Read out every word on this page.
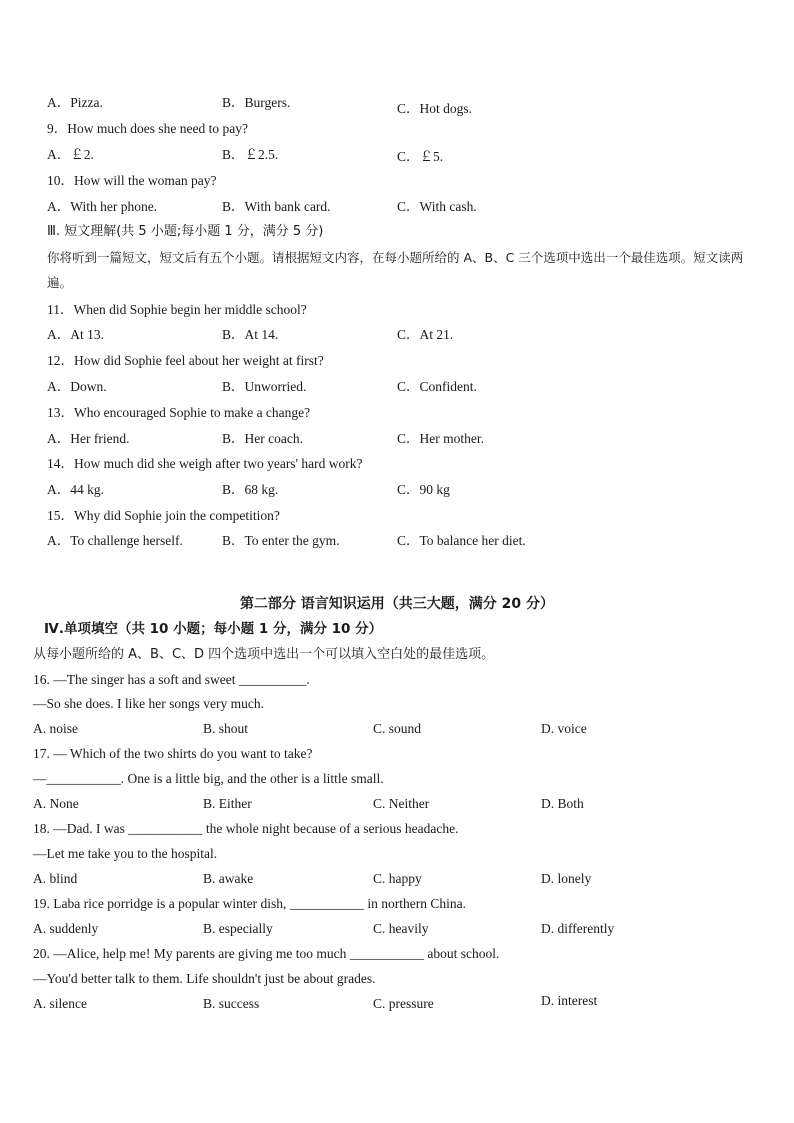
A．Pizza.	B．Burgers.	C．Hot dogs.
9．How much does she need to pay?
A．￡2.	B．￡2.5.	C．￡5.
10．How will the woman pay?
A．With her phone.	B．With bank card.	C．With cash.
Ⅲ. 短文理解(共 5 小题;每小题 1 分，满分 5 分)
你将听到一篇短文，短文后有五个小题。请根据短文内容，在每小题所给的 A、B、C 三个选项中选出一个最佳选项。短文读两遍。
11．When did Sophie begin her middle school?
A．At 13.	B．At 14.	C．At 21.
12．How did Sophie feel about her weight at first?
A．Down.	B．Unworried.	C．Confident.
13．Who encouraged Sophie to make a change?
A．Her friend.	B．Her coach.	C．Her mother.
14．How much did she weigh after two years' hard work?
A．44 kg.	B．68 kg.	C．90 kg
15．Why did Sophie join the competition?
A．To challenge herself.	B．To enter the gym.	C．To balance her diet.
第二部分 语言知识运用（共三大题，满分 20 分）
Ⅳ.单项填空（共 10 小题；每小题 1 分，满分 10 分）
从每小题所给的 A、B、C、D 四个选项中选出一个可以填入空白处的最佳选项。
16. —The singer has a soft and sweet __________.
—So she does. I like her songs very much.
A. noise	B. shout	C. sound	D. voice
17. — Which of the two shirts do you want to take?
—___________. One is a little big, and the other is a little small.
A. None	B. Either	C. Neither	D. Both
18. —Dad. I was ___________ the whole night because of a serious headache.
—Let me take you to the hospital.
A. blind	B. awake	C. happy	D. lonely
19. Laba rice porridge is a popular winter dish, ___________ in northern China.
A. suddenly	B. especially	C. heavily	D. differently
20. —Alice, help me! My parents are giving me too much ___________ about school.
—You'd better talk to them. Life shouldn't just be about grades.
A. silence	B. success	C. pressure	D. interest
